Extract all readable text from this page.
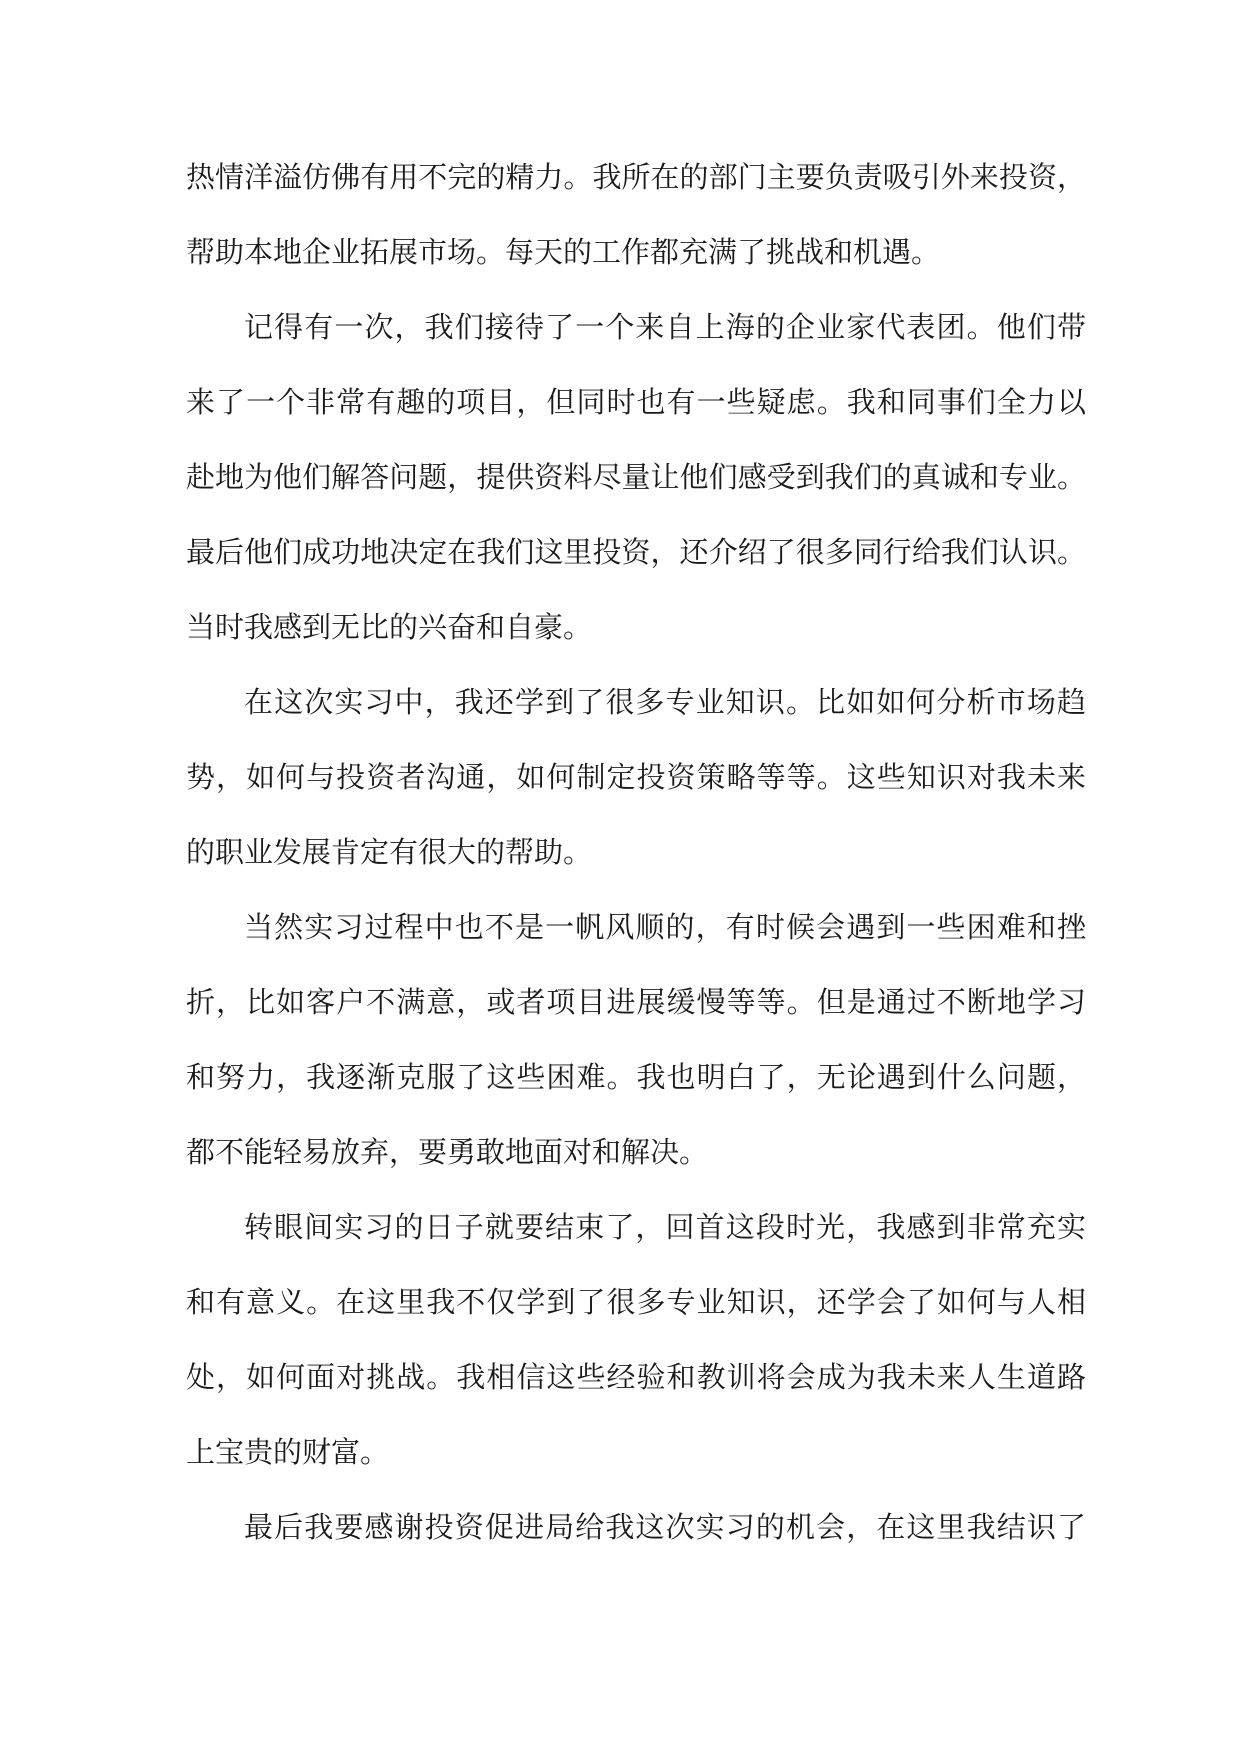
热情洋溢仿佛有用不完的精力。我所在的部门主要负责吸引外来投资，
帮助本地企业拓展市场。每天的工作都充满了挑战和机遇。
记得有一次，我们接待了一个来自上海的企业家代表团。他们带
来了一个非常有趣的项目，但同时也有一些疑虑。我和同事们全力以
赴地为他们解答问题，提供资料尽量让他们感受到我们的真诚和专业。
最后他们成功地决定在我们这里投资，还介绍了很多同行给我们认识。
当时我感到无比的兴奋和自豪。
在这次实习中，我还学到了很多专业知识。比如如何分析市场趋
势，如何与投资者沟通，如何制定投资策略等等。这些知识对我未来
的职业发展肯定有很大的帮助。
当然实习过程中也不是一帆风顺的，有时候会遇到一些困难和挫
折，比如客户不满意，或者项目进展缓慢等等。但是通过不断地学习
和努力，我逐渐克服了这些困难。我也明白了，无论遇到什么问题，
都不能轻易放弃，要勇敢地面对和解决。
转眼间实习的日子就要结束了，回首这段时光，我感到非常充实
和有意义。在这里我不仅学到了很多专业知识，还学会了如何与人相
处，如何面对挑战。我相信这些经验和教训将会成为我未来人生道路
上宝贵的财富。
最后我要感谢投资促进局给我这次实习的机会，在这里我结识了
